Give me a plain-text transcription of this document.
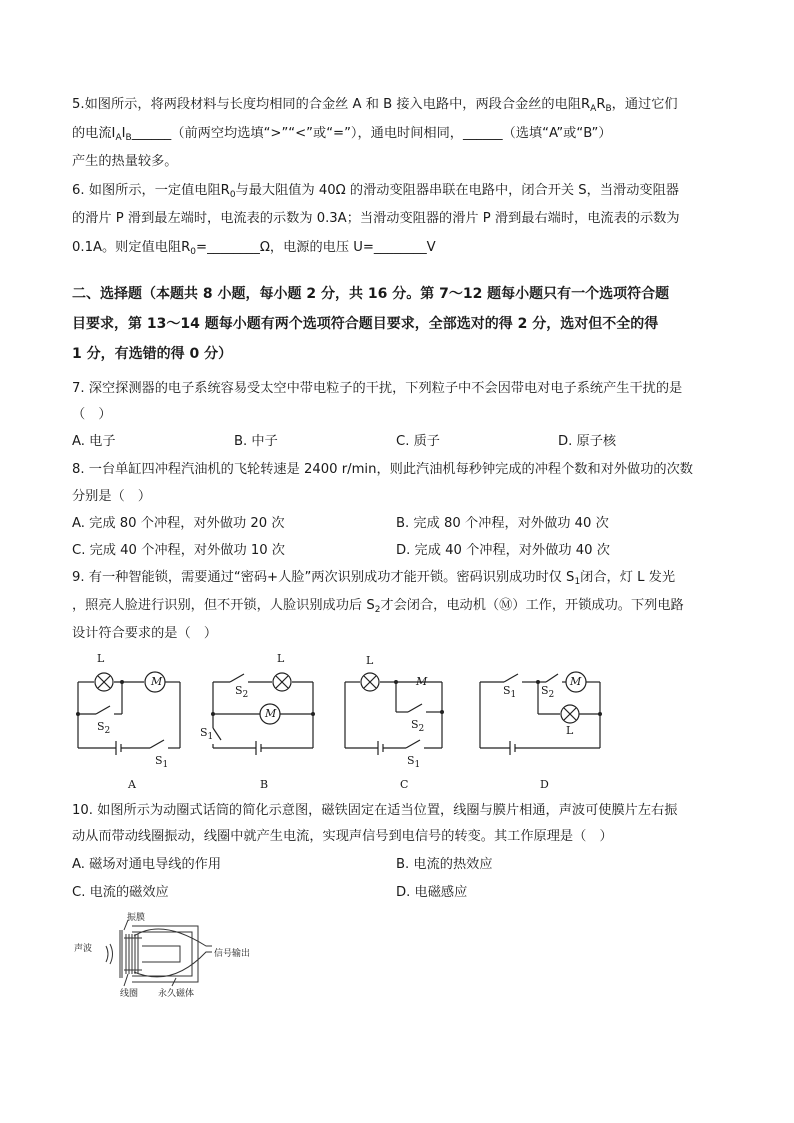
5.如图所示，将两段材料与长度均相同的合金丝 A 和 B 接入电路中，两段合金丝的电阻$R_AR_B$，通过它们
的电流$I_AI_B\_\_\_\_\_\_$（前两空均选填“>”“<”或“=”），通电时间相同，______（选填“A”或“B”）
产生的热量较多。
6. 如图所示，一定值电阻$R_0$与最大阻值为 40Ω 的滑动变阻器串联在电路中，闭合开关 S，当滑动变阻器
的滑片 P 滑到最左端时，电流表的示数为 0.3A；当滑动变阻器的滑片 P 滑到最右端时，电流表的示数为
0.1A。则定值电阻$R_0=\_\_\_\_\_\_\_\_\Omega$，电源的电压 U=________V
二、选择题（本题共 8 小题，每小题 2 分，共 16 分。第 7～12 题每小题只有一个选项符合题
目要求，第 13～14 题每小题有两个选项符合题目要求，全部选对的得 2 分，选对但不全的得
1 分，有选错的得 0 分）
7. 深空探测器的电子系统容易受太空中带电粒子的干扰，下列粒子中不会因带电对电子系统产生干扰的是
（　）
A. 电子	B. 中子	C. 质子	D. 原子核
8. 一台单缸四冲程汽油机的飞轮转速是 2400 r/min，则此汽油机每秒钟完成的冲程个数和对外做功的次数
分别是（　）
A. 完成 80 个冲程，对外做功 20 次	B. 完成 80 个冲程，对外做功 40 次
C. 完成 40 个冲程，对外做功 10 次	D. 完成 40 个冲程，对外做功 40 次
9. 有一种智能锁，需要通过“密码+人脸”两次识别成功才能开锁。密码识别成功时仅 $S_1$闭合，灯 L 发光
，照亮人脸进行识别，但不开锁，人脸识别成功后 $S_2$才会闭合，电动机（Ⓜ）工作，开锁成功。下列电路
设计符合要求的是（　）
L
M
$S_2$
$S_1$
L
$S_2$
M
$S_1$
L
M
$S_2$
$S_1$
$S_1$ $S_2$
M
L
A	B	C	D
10. 如图所示为动圈式话筒的简化示意图，磁铁固定在适当位置，线圈与膜片相通，声波可使膜片左右振
动从而带动线圈振动，线圈中就产生电流，实现声信号到电信号的转变。其工作原理是（　）
A. 磁场对通电导线的作用	B. 电流的热效应
C. 电流的磁效应	D. 电磁感应
声波
振膜
信号输出
线圈 永久磁体
